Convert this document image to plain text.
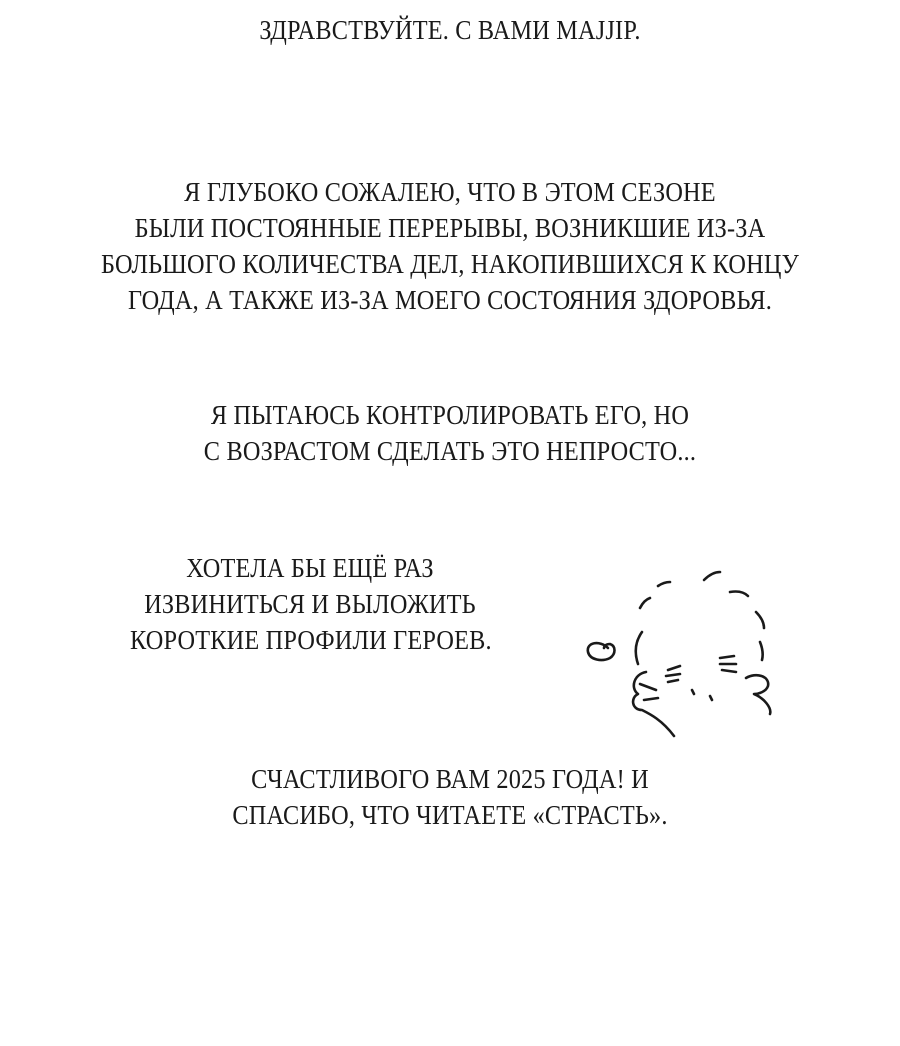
ЗДРАВСТВУЙТЕ. С ВАМИ MAJJIP.
Я ГЛУБОКО СОЖАЛЕЮ, ЧТО В ЭТОМ СЕЗОНЕ
БЫЛИ ПОСТОЯННЫЕ ПЕРЕРЫВЫ, ВОЗНИКШИЕ ИЗ-ЗА
БОЛЬШОГО КОЛИЧЕСТВА ДЕЛ, НАКОПИВШИХСЯ К КОНЦУ
ГОДА, А ТАКЖЕ ИЗ-ЗА МОЕГО СОСТОЯНИЯ ЗДОРОВЬЯ.
Я ПЫТАЮСЬ КОНТРОЛИРОВАТЬ ЕГО, НО
С ВОЗРАСТОМ СДЕЛАТЬ ЭТО НЕПРОСТО...
ХОТЕЛА БЫ ЕЩЁ РАЗ
ИЗВИНИТЬСЯ И ВЫЛОЖИТЬ
КОРОТКИЕ ПРОФИЛИ ГЕРОЕВ.
СЧАСТЛИВОГО ВАМ 2025 ГОДА! И
СПАСИБО, ЧТО ЧИТАЕТЕ «СТРАСТЬ».
